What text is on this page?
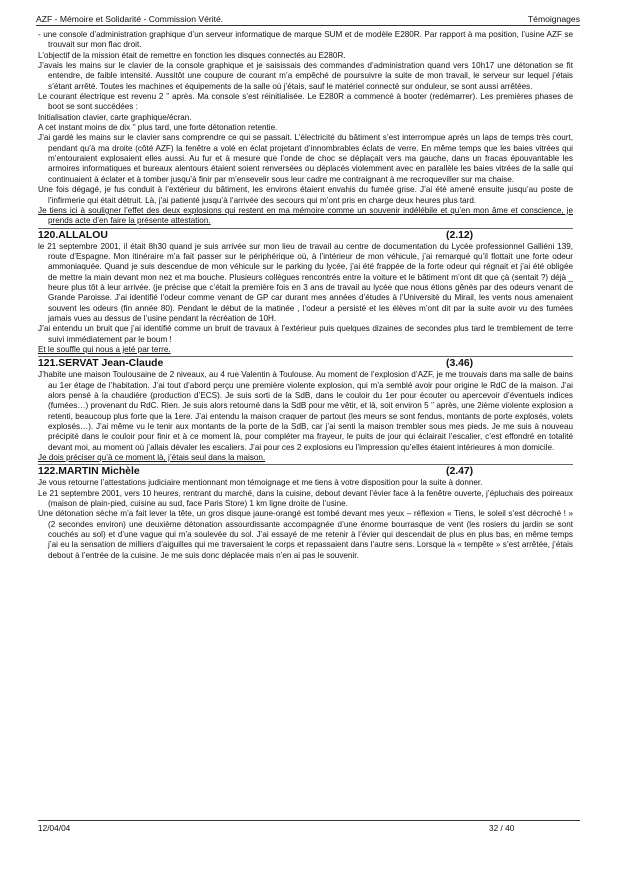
AZF - Mémoire et Solidarité - Commission Vérité.	Témoignages

- une console d’administration graphique d’un serveur informatique de marque SUM et de modèle E280R. Par rapport à ma position, l’usine AZF se trouvait sur mon flac droit.

L’objectif de la mission était de remettre en fonction les disques connectés au E280R.

J’avais les mains sur le clavier de la console graphique et je saisissais des commandes d’administration quand vers 10h17 une détonation se fit entendre, de faible intensité. Aussitôt une coupure de courant m’a empêché de poursuivre la suite de mon travail, le serveur sur lequel j’étais s’étant arrêté. Toutes les machines et équipements de la salle où j’étais, sauf le matériel connecté sur onduleur, se sont aussi arrêtées.

Le courant électrique est revenu 2 ’’ après. Ma console s’est réinitialisée. Le E280R a commencé à booter (redémarrer). Les premières phases de boot se sont succédées :

Initialisation clavier, carte graphique/écran.

A cet instant moins de dix ’’ plus tard, une forte détonation retentie.

J’ai gardé les mains sur le clavier sans comprendre ce qui se passait. L’électricité du bâtiment s’est interrompue après un laps de temps très court, pendant qu’à ma droite (côté AZF) la fenêtre a volé en éclat projetant d’innombrables éclats de verre. En même temps que les baies vitrées qui m’entouraient explosaient elles aussi. Au fur et à mesure que l’onde de choc se déplaçait vers ma gauche, dans un fracas épouvantable les armoires informatiques et bureaux alentours étaient soient renversées ou déplacés violemment avec en parallèle les baies vitrées de la salle qui continuaient à éclater et à tomber jusqu’à finir par m’ensevelir sous leur cadre me contraignant à me recroqueviller sur ma chaise.

Une fois dégagé, je fus conduit à l’extérieur du bâtiment, les environs étaient envahis du fumée grise. J’ai été amené ensuite jusqu’au poste de l’infirmerie qui était détruit. Là, j’ai patienté jusqu’à l’arrivée des secours qui m’ont pris en charge deux heures plus tard.

Je tiens ici à souligner l’effet des deux explosions qui restent en ma mémoire comme un souvenir indélébile et qu’en mon âme et conscience, je prends acte d’en faire la présente attestation.

120.ALLALOU	(2.12)

le 21 septembre 2001, il était 8h30 quand je suis arrivée sur mon lieu de travail au centre de documentation du Lycée professionnel Galliéni 139, route d’Espagne. Mon itinéraire m’a fait passer sur le périphérique où, à l’intérieur de mon véhicule, j’ai remarqué qu’il flottait une forte odeur ammoniaquée. Quand je suis descendue de mon véhicule sur le parking du lycée, j’ai été frappée de la forte odeur qui régnait et j’ai été obligée de mettre la main devant mon nez et ma bouche. Plusieurs collègues rencontrés entre la voiture et le bâtiment m’ont dit que çà (sentait ?) déjà _ heure plus tôt à leur arrivée. (je précise que c’était la première fois en 3 ans de travail au lycée que nous étions gênés par des odeurs venant de Grande Paroisse. J’ai identifié l’odeur comme venant de GP car durant mes années d’études à l’Université du Mirail, les vents nous amenaient souvent les odeurs (fin année 80). Pendant le début de la matinée , l’odeur a persisté et les élèves m’ont dit par la suite avoir vu des fumées jamais vues au dessus de l’usine pendant la récréation de 10H.

J’ai entendu un bruit que j’ai identifié comme un bruit de travaux à l’extérieur puis quelques dizaines de secondes plus tard le tremblement de terre suivi immédiatement par le boum !

Et le souffle qui nous a jeté par terre.

121.SERVAT Jean-Claude	(3.46)

J’habite une maison Toulousaine de 2 niveaux, au 4 rue Valentin à Toulouse. Au moment de l’explosion d’AZF, je me trouvais dans ma salle de bains au 1er étage de l’habitation. J’ai tout d’abord perçu une première violente explosion, qui m’a semblé avoir pour origine le RdC de la maison. J’ai alors pensé à la chaudière (production d’ECS). Je suis sorti de la SdB, dans le couloir du 1er pour écouter ou apercevoir d’éventuels indices (fumées…) provenant du RdC. Rien. Je suis alors retourné dans la SdB pour me vêtir, et là, soit environ 5 ’’ après, une 2ième violente explosion a retenti, beaucoup plus forte que la 1ere. J’ai entendu la maison craquer de partout (les meurs se sont fendus, montants de porte explosés, volets explosés…). J’ai même vu le tenir aux montants de la porte de la SdB, car j’ai senti la maison trembler sous mes pieds. Je me suis à nouveau précipité dans le couloir pour finir et à ce moment là, pour compléter ma frayeur, le puits de jour qui éclairait l’escalier, c’est effondré en totalité devant moi, au moment où j’allais dévaler les escaliers. J’ai pour ces 2 explosions eu l’impression qu’elles étaient intérieures à mon domicile.

Je dois préciser qu’à ce moment là, j’étais seul dans la maison.

122.MARTIN Michèle	(2.47)

Je vous retourne l’attestations judiciaire mentionnant mon témoignage et me tiens à votre disposition pour la suite à donner.

Le 21 septembre 2001, vers 10 heures, rentrant du marché, dans la cuisine, debout devant l’évier face à la fenêtre ouverte, j’épluchais des poireaux (maison de plain-pied, cuisine au sud, face Paris Store) 1 km ligne droite de l’usine.

Une détonation sèche m’a fait lever la tête, un gros disque jaune-orangé est tombé devant mes yeux – réflexion « Tiens, le soleil s’est décroché ! » (2 secondes environ) une deuxième détonation assourdissante accompagnée d’une énorme bourrasque de vent (les rosiers du jardin se sont couchés au sol) et d’une vague qui m’a soulevée du sol. J’ai essayé de me retenir à l’évier qui descendait de plus en plus bas, en même temps j’ai eu la sensation de milliers d’aiguilles qui me traversaient le corps et repassaient dans l’autre sens. Lorsque la « tempête » s’est arrêtée, j’étais debout à l’entrée de la cuisine. Je me suis donc déplacée mais n’en ai pas le souvenir.

12/04/04	32 / 40
